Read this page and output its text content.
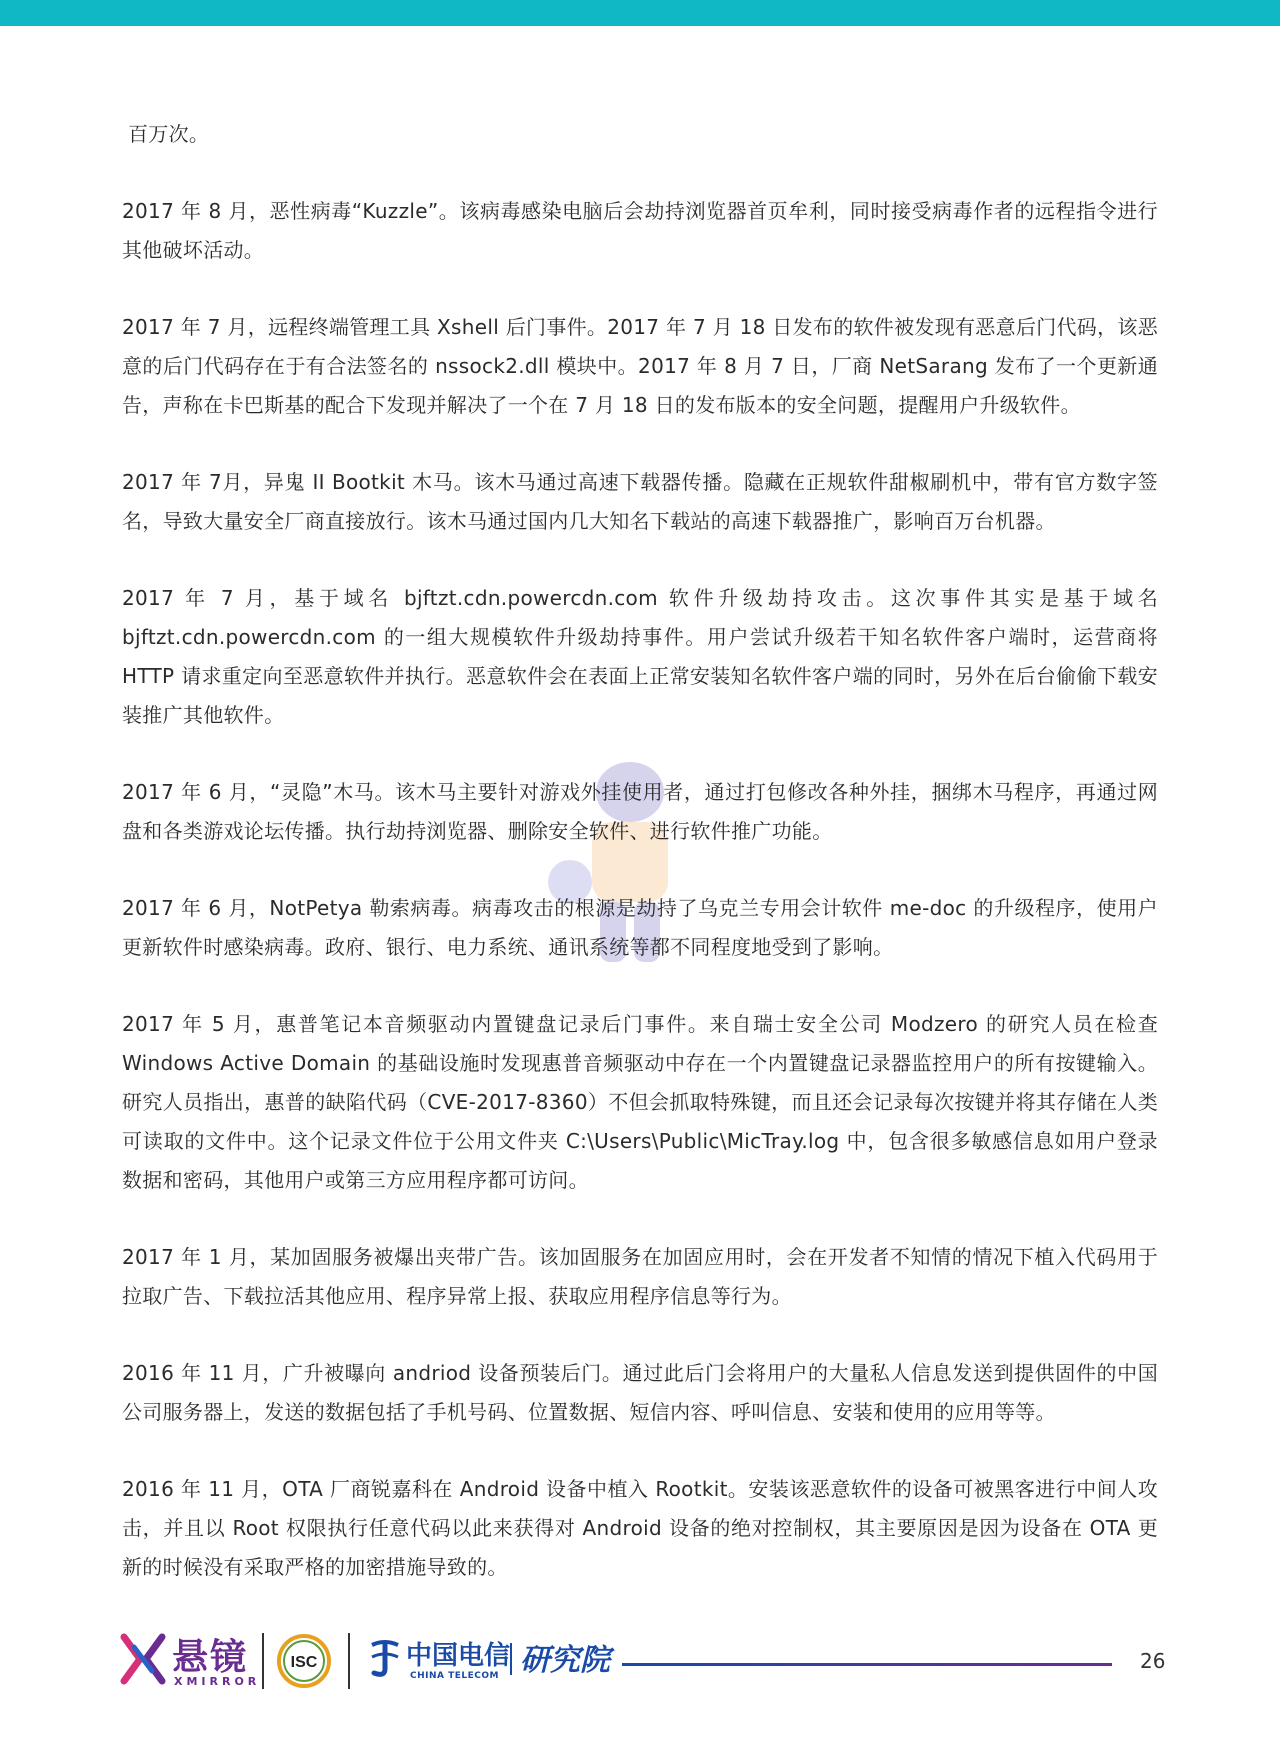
百万次。

2017 年 8 月，恶性病毒“Kuzzle”。该病毒感染电脑后会劫持浏览器首页牟利，同时接受病毒作者的远程指令进行其他破坏活动。

2017 年 7 月，远程终端管理工具 Xshell 后门事件。2017 年 7 月 18 日发布的软件被发现有恶意后门代码，该恶意的后门代码存在于有合法签名的 nssock2.dll 模块中。2017 年 8 月 7 日，厂商 NetSarang 发布了一个更新通告，声称在卡巴斯基的配合下发现并解决了一个在 7 月 18 日的发布版本的安全问题，提醒用户升级软件。

2017 年 7月，异鬼 II Bootkit 木马。该木马通过高速下载器传播。隐藏在正规软件甜椒刷机中，带有官方数字签名，导致大量安全厂商直接放行。该木马通过国内几大知名下载站的高速下载器推广，影响百万台机器。

2017 年 7 月，基于域名 bjftzt.cdn.powercdn.com 软件升级劫持攻击。这次事件其实是基于域名 bjftzt.cdn.powercdn.com 的一组大规模软件升级劫持事件。用户尝试升级若干知名软件客户端时，运营商将 HTTP 请求重定向至恶意软件并执行。恶意软件会在表面上正常安装知名软件客户端的同时，另外在后台偷偷下载安装推广其他软件。

2017 年 6 月，“灵隐”木马。该木马主要针对游戏外挂使用者，通过打包修改各种外挂，捆绑木马程序，再通过网盘和各类游戏论坛传播。执行劫持浏览器、删除安全软件、进行软件推广功能。

2017 年 6 月，NotPetya 勒索病毒。病毒攻击的根源是劫持了乌克兰专用会计软件 me-doc 的升级程序，使用户更新软件时感染病毒。政府、银行、电力系统、通讯系统等都不同程度地受到了影响。

2017 年 5 月，惠普笔记本音频驱动内置键盘记录后门事件。来自瑞士安全公司 Modzero 的研究人员在检查 Windows Active Domain 的基础设施时发现惠普音频驱动中存在一个内置键盘记录器监控用户的所有按键输入。研究人员指出，惠普的缺陷代码（CVE-2017-8360）不但会抓取特殊键，而且还会记录每次按键并将其存储在人类可读取的文件中。这个记录文件位于公用文件夹 C:\Users\Public\MicTray.log 中，包含很多敏感信息如用户登录数据和密码，其他用户或第三方应用程序都可访问。

2017 年 1 月，某加固服务被爆出夹带广告。该加固服务在加固应用时，会在开发者不知情的情况下植入代码用于拉取广告、下载拉活其他应用、程序异常上报、获取应用程序信息等行为。

2016 年 11 月，广升被曝向 andriod 设备预装后门。通过此后门会将用户的大量私人信息发送到提供固件的中国公司服务器上，发送的数据包括了手机号码、位置数据、短信内容、呼叫信息、安装和使用的应用等等。

2016 年 11 月，OTA 厂商锐嘉科在 Android 设备中植入 Rootkit。安装该恶意软件的设备可被黑客进行中间人攻击，并且以 Root 权限执行任意代码以此来获得对 Android 设备的绝对控制权，其主要原因是因为设备在 OTA 更新的时候没有采取严格的加密措施导致的。

悬镜
XMIRROR
ISC	中国电信
CHINA TELECOM 研究院	26
